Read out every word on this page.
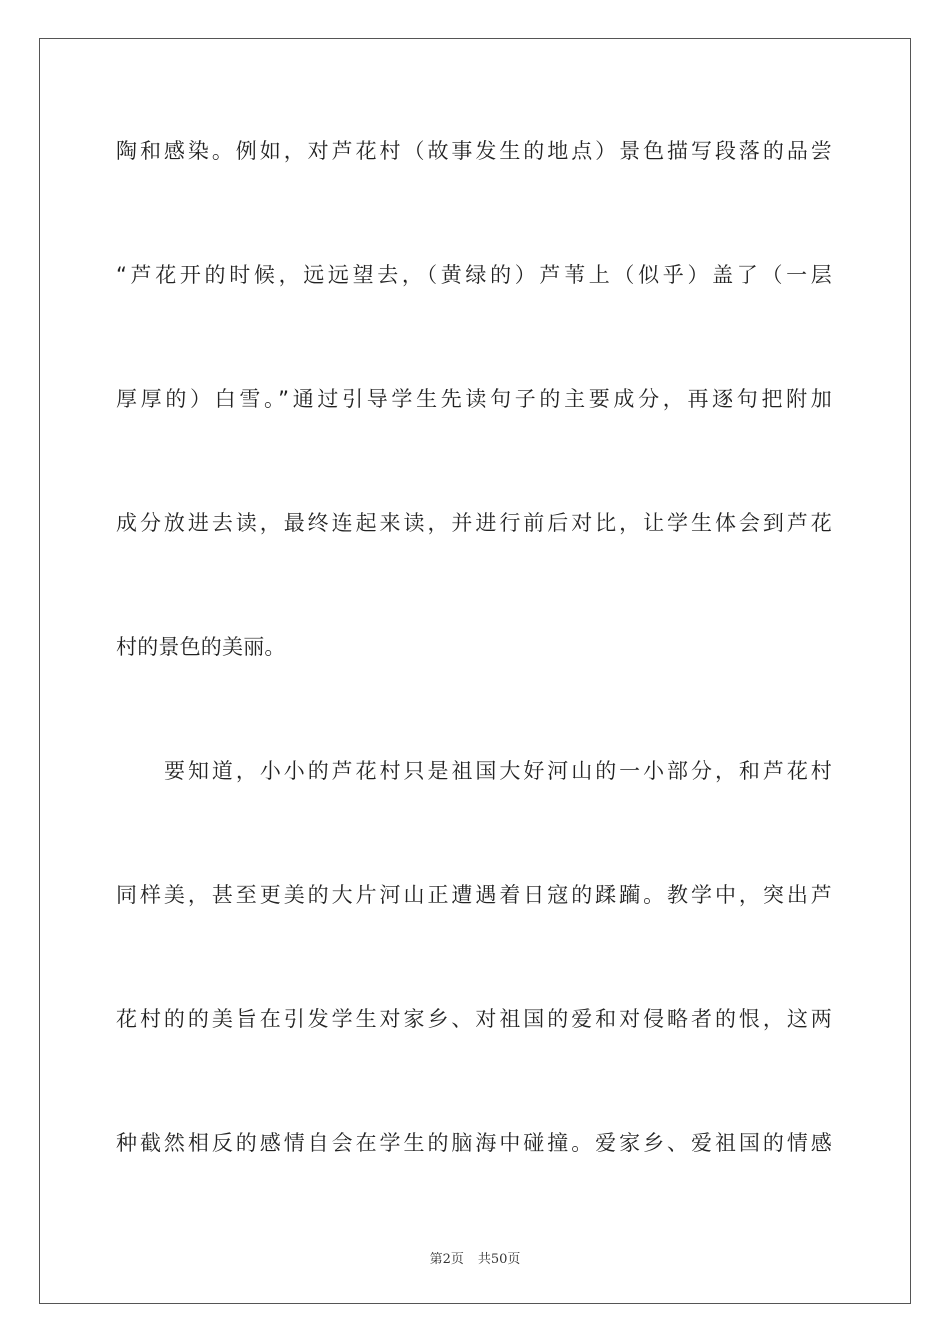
陶和感染。例如，对芦花村（故事发生的地点）景色描写段落的品尝
“芦花开的时候，远远望去，（黄绿的）芦苇上（似乎）盖了（一层
厚厚的）白雪。”通过引导学生先读句子的主要成分，再逐句把附加
成分放进去读，最终连起来读，并进行前后对比，让学生体会到芦花
村的景色的美丽。
要知道，小小的芦花村只是祖国大好河山的一小部分，和芦花村
同样美，甚至更美的大片河山正遭遇着日寇的蹂躏。教学中，突出芦
花村的的美旨在引发学生对家乡、对祖国的爱和对侵略者的恨，这两
种截然相反的感情自会在学生的脑海中碰撞。爱家乡、爱祖国的情感
第2页 共50页
